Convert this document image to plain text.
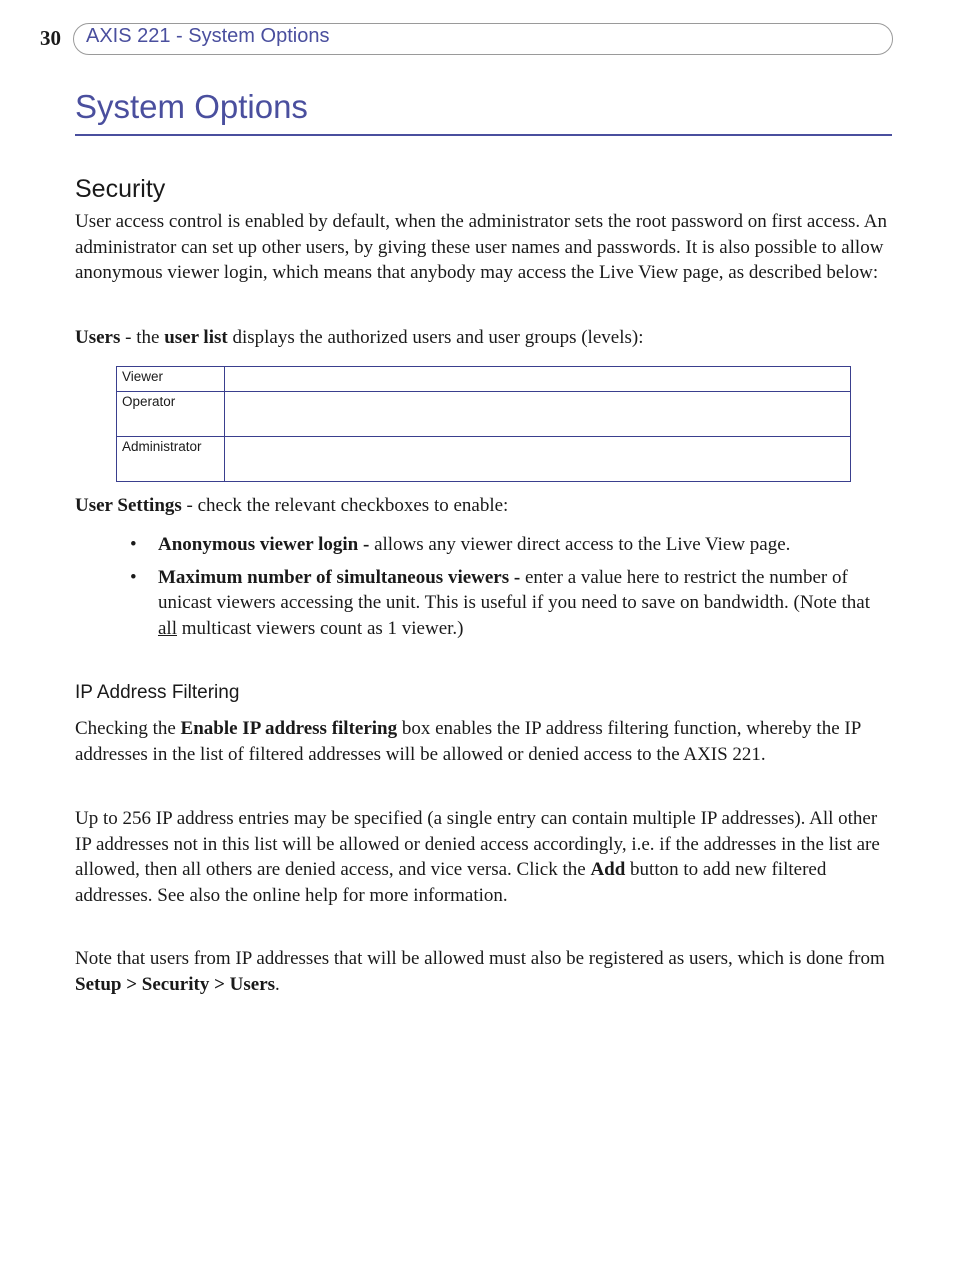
30 AXIS 221 - System Options
System Options
Security

User access control is enabled by default, when the administrator sets the root password on first access. An administrator can set up other users, by giving these user names and passwords. It is also possible to allow anonymous viewer login, which means that anybody may access the Live View page, as described below:

Users - the user list displays the authorized users and user groups (levels):

Viewer	
Operator	
Administrator	

User Settings - check the relevant checkboxes to enable:

• Anonymous viewer login - allows any viewer direct access to the Live View page.
• Maximum number of simultaneous viewers - enter a value here to restrict the number of unicast viewers accessing the unit. This is useful if you need to save on bandwidth. (Note that all multicast viewers count as 1 viewer.)
IP Address Filtering

Checking the Enable IP address filtering box enables the IP address filtering function, whereby the IP addresses in the list of filtered addresses will be allowed or denied access to the AXIS 221.

Up to 256 IP address entries may be specified (a single entry can contain multiple IP addresses). All other IP addresses not in this list will be allowed or denied access accordingly, i.e. if the addresses in the list are allowed, then all others are denied access, and vice versa. Click the Add button to add new filtered addresses. See also the online help for more information.

Note that users from IP addresses that will be allowed must also be registered as users, which is done from Setup > Security > Users.
